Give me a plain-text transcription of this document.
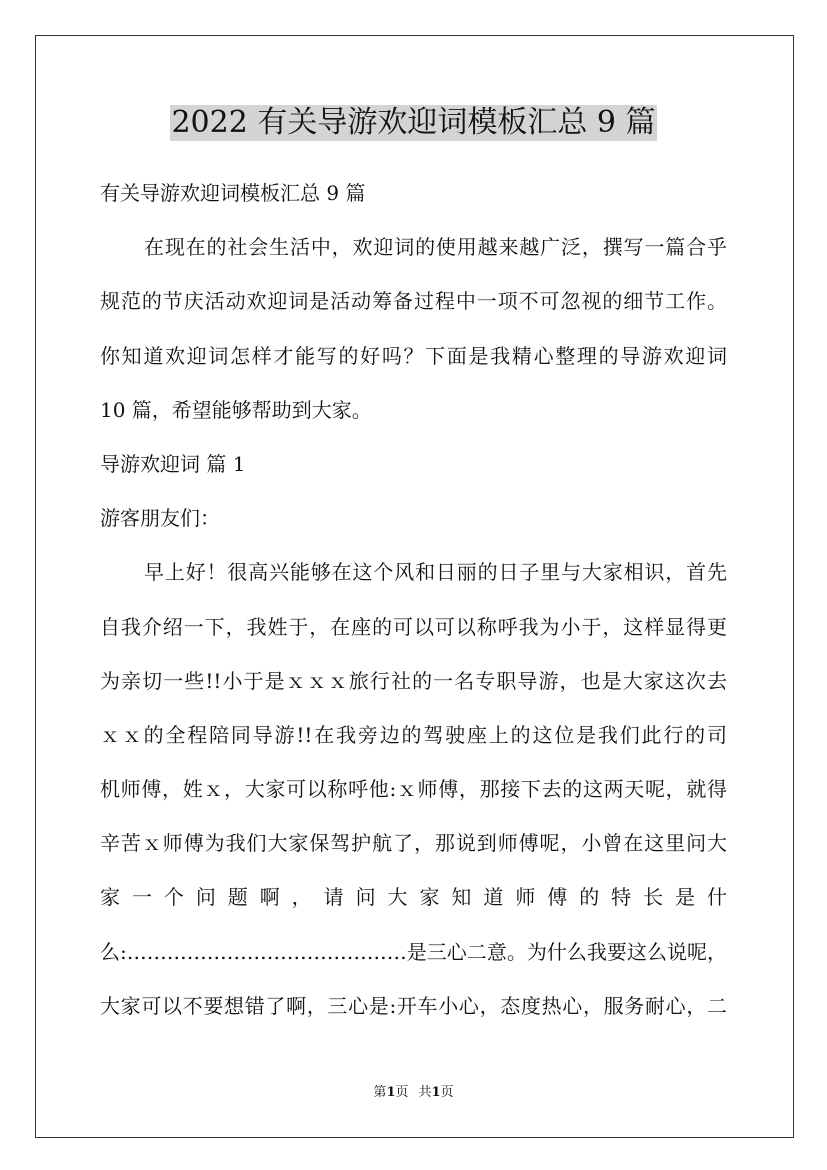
2022 有关导游欢迎词模板汇总 9 篇
有关导游欢迎词模板汇总 9 篇
在现在的社会生活中，欢迎词的使用越来越广泛，撰写一篇合乎
规范的节庆活动欢迎词是活动筹备过程中一项不可忽视的细节工作。
你知道欢迎词怎样才能写的好吗？下面是我精心整理的导游欢迎词
10 篇，希望能够帮助到大家。
导游欢迎词 篇 1
游客朋友们：
早上好！很高兴能够在这个风和日丽的日子里与大家相识，首先
自我介绍一下，我姓于，在座的可以可以称呼我为小于，这样显得更
为亲切一些!!小于是ｘｘｘ旅行社的一名专职导游，也是大家这次去
ｘｘ的全程陪同导游!!在我旁边的驾驶座上的这位是我们此行的司
机师傅，姓ｘ，大家可以称呼他:ｘ师傅，那接下去的这两天呢，就得
辛苦ｘ师傅为我们大家保驾护航了，那说到师傅呢，小曾在这里问大
家一个问题啊，请问大家知道师傅的特长是什
么:……………………………………是三心二意。为什么我要这么说呢，
大家可以不要想错了啊，三心是:开车小心，态度热心，服务耐心，二
第1页 共1页
